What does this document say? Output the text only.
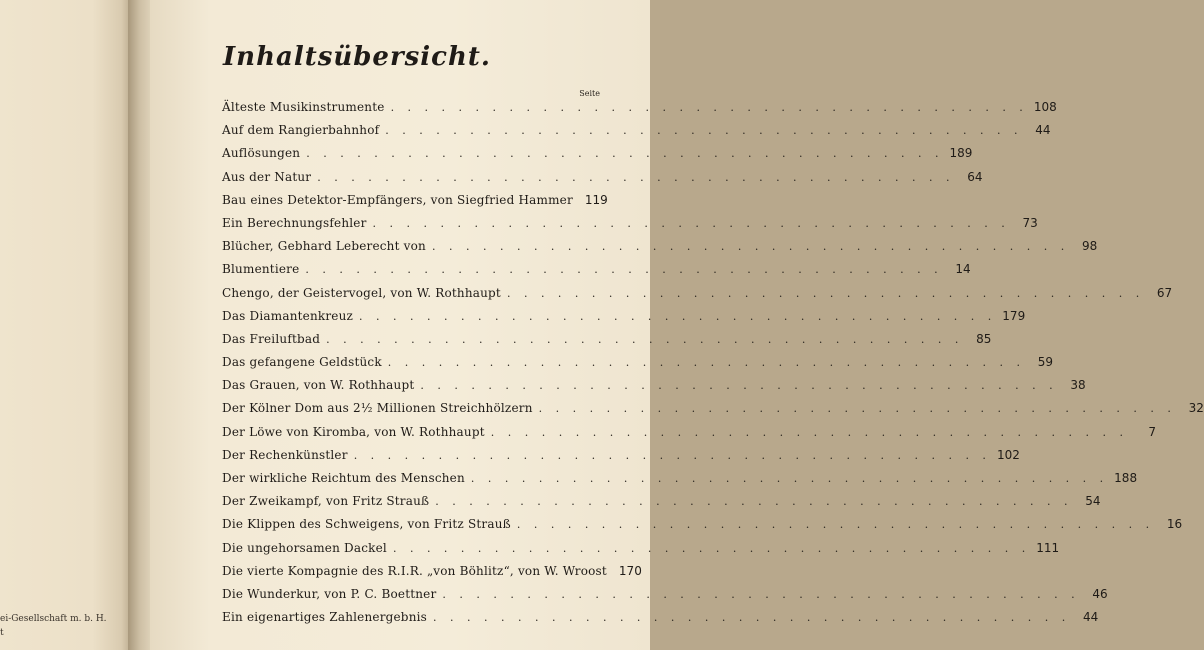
ei-Gesellschaft m. b. H.
t
Inhaltsübersicht.
Seite
Älteste Musikinstrumente . . . . . . . . . . . . . . . . . . . . . . . . . . . . . . . . . . . . . . 108
Auf dem Rangierbahnhof . . . . . . . . . . . . . . . . . . . . . . . . . . . . . . . . . . . . . .	44
Auflösungen . . . . . . . . . . . . . . . . . . . . . . . . . . . . . . . . . . . . . . 189
Aus der Natur . . . . . . . . . . . . . . . . . . . . . . . . . . . . . . . . . . . . . .	64
Bau eines Detektor-Empfängers, von Siegfried Hammer	119
Ein Berechnungsfehler . . . . . . . . . . . . . . . . . . . . . . . . . . . . . . . . . . . . . .	73
Blücher, Gebhard Leberecht von . . . . . . . . . . . . . . . . . . . . . . . . . . . . . . . . . . . . . .	98
Blumentiere . . . . . . . . . . . . . . . . . . . . . . . . . . . . . . . . . . . . . .	14
Chengo, der Geistervogel, von W. Rothhaupt . . . . . . . . . . . . . . . . . . . . . . . . . . . . . . . . . . . . . .	67
Das Diamantenkreuz . . . . . . . . . . . . . . . . . . . . . . . . . . . . . . . . . . . . . . 179
Das Freiluftbad . . . . . . . . . . . . . . . . . . . . . . . . . . . . . . . . . . . . . .	85
Das gefangene Geldstück . . . . . . . . . . . . . . . . . . . . . . . . . . . . . . . . . . . . . .	59
Das Grauen, von W. Rothhaupt . . . . . . . . . . . . . . . . . . . . . . . . . . . . . . . . . . . . . .	38
Der Kölner Dom aus 2½ Millionen Streichhölzern . . . . . . . . . . . . . . . . . . . . . . . . . . . . . . . . . . . . . .	32
Der Löwe von Kiromba, von W. Rothhaupt . . . . . . . . . . . . . . . . . . . . . . . . . . . . . . . . . . . . . .	7
Der Rechenkünstler . . . . . . . . . . . . . . . . . . . . . . . . . . . . . . . . . . . . . . 102
Der wirkliche Reichtum des Menschen . . . . . . . . . . . . . . . . . . . . . . . . . . . . . . . . . . . . . . 188
Der Zweikampf, von Fritz Strauß . . . . . . . . . . . . . . . . . . . . . . . . . . . . . . . . . . . . . .	54
Die Klippen des Schweigens, von Fritz Strauß . . . . . . . . . . . . . . . . . . . . . . . . . . . . . . . . . . . . . .	16
Die ungehorsamen Dackel . . . . . . . . . . . . . . . . . . . . . . . . . . . . . . . . . . . . . . 111
Die vierte Kompagnie des R.I.R. „von Böhlitz“, von W. Wroost	170
Die Wunderkur, von P. C. Boettner . . . . . . . . . . . . . . . . . . . . . . . . . . . . . . . . . . . . . .	46
Ein eigenartiges Zahlenergebnis . . . . . . . . . . . . . . . . . . . . . . . . . . . . . . . . . . . . . .	44
